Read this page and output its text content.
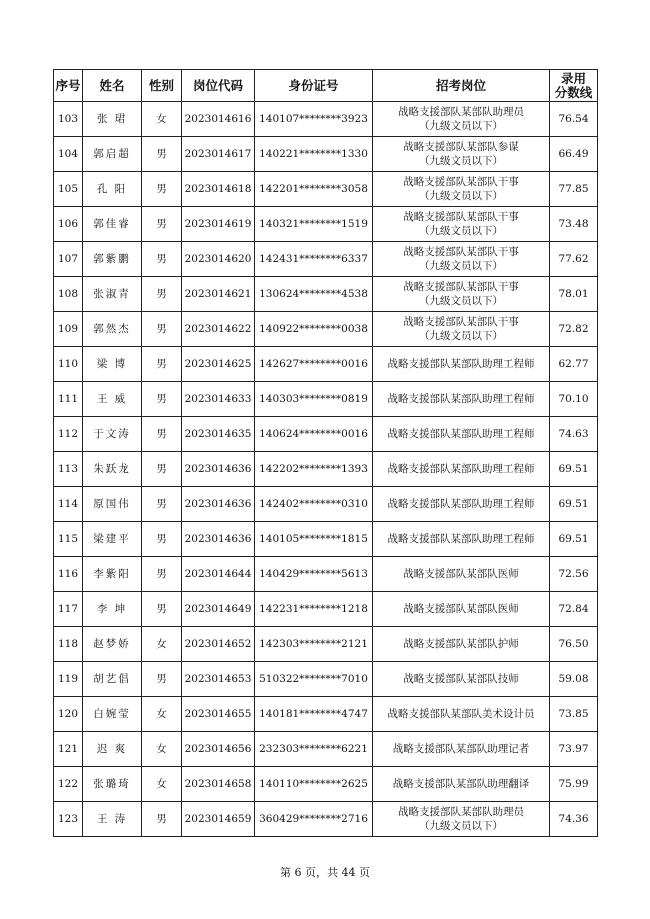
序号	姓名	性别	岗位代码	身份证号	招考岗位	录用
分数线
103	张 珺	女	2023014616	140107********3923	战略支援部队某部队助理员
（九级文员以下）	76.54
104	郭启超	男	2023014617	140221********1330	战略支援部队某部队参谋
（九级文员以下）	66.49
105	孔 阳	男	2023014618	142201********3058	战略支援部队某部队干事
（九级文员以下）	77.85
106	郭佳睿	男	2023014619	140321********1519	战略支援部队某部队干事
（九级文员以下）	73.48
107	郭紫鹏	男	2023014620	142431********6337	战略支援部队某部队干事
（九级文员以下）	77.62
108	张淑青	男	2023014621	130624********4538	战略支援部队某部队干事
（九级文员以下）	78.01
109	郭然杰	男	2023014622	140922********0038	战略支援部队某部队干事
（九级文员以下）	72.82
110	梁 博	男	2023014625	142627********0016	战略支援部队某部队助理工程师	62.77
111	王 威	男	2023014633	140303********0819	战略支援部队某部队助理工程师	70.10
112	于文涛	男	2023014635	140624********0016	战略支援部队某部队助理工程师	74.63
113	朱跃龙	男	2023014636	142202********1393	战略支援部队某部队助理工程师	69.51
114	原国伟	男	2023014636	142402********0310	战略支援部队某部队助理工程师	69.51
115	梁建平	男	2023014636	140105********1815	战略支援部队某部队助理工程师	69.51
116	李紫阳	男	2023014644	140429********5613	战略支援部队某部队医师	72.56
117	李 坤	男	2023014649	142231********1218	战略支援部队某部队医师	72.84
118	赵梦娇	女	2023014652	142303********2121	战略支援部队某部队护师	76.50
119	胡艺倡	男	2023014653	510322********7010	战略支援部队某部队技师	59.08
120	白婉莹	女	2023014655	140181********4747	战略支援部队某部队美术设计员	73.85
121	迟 爽	女	2023014656	232303********6221	战略支援部队某部队助理记者	73.97
122	张璐琦	女	2023014658	140110********2625	战略支援部队某部队助理翻译	75.99
123	王 涛	男	2023014659	360429********2716	战略支援部队某部队助理员
（九级文员以下）	74.36
第 6 页，共 44 页
